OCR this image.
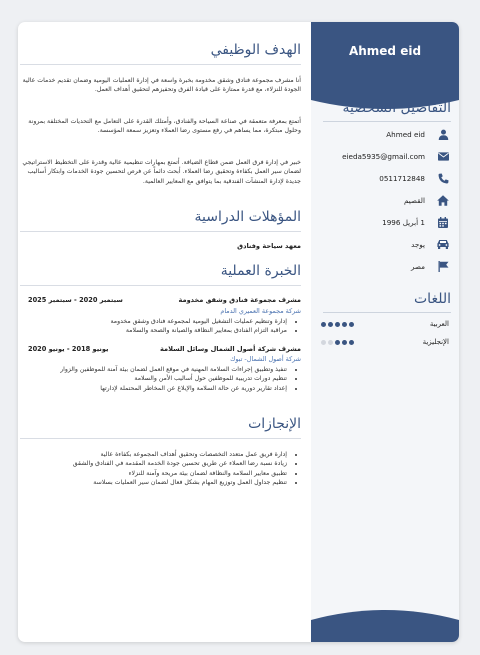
الهدف الوظيفي
أنا مشرف مجموعة فنادق وشقق مخدومة بخبرة واسعة في إدارة العمليات اليومية وضمان تقديم خدمات عالية الجودة للنزلاء، مع قدرة ممتازة على قيادة الفرق وتحفيزهم لتحقيق أهداف العمل.
أتمتع بمعرفة متعمقة في صناعة السياحة والفنادق، وأمتلك القدرة على التعامل مع التحديات المختلفة بمرونة وحلول مبتكرة، مما يساهم في رفع مستوى رضا العملاء وتعزيز سمعة المؤسسة.
خبير في إدارة فرق العمل ضمن قطاع الضيافة. أتمتع بمهارات تنظيمية عالية وقدرة على التخطيط الاستراتيجي لضمان سير العمل بكفاءة وتحقيق رضا العملاء. أبحث دائماً عن فرص لتحسين جودة الخدمات وابتكار أساليب جديدة لإدارة المنشآت الفندقية بما يتوافق مع المعايير العالمية.
المؤهلات الدراسية
معهد سياحة وفنادق
الخبرة العملية
مشرف مجموعة فنادق وشقق مخدومة
سبتمبر 2020 - سبتمبر 2025
شركة مجموعة العميري الدمام
• إدارة وتنظيم عمليات التشغيل اليومية لمجموعة فنادق وشقق مخدومة
• مراقبة التزام الفنادق بمعايير النظافة والصيانة والصحة والسلامة
مشرف شركة أصول الشمال وسائل السلامة
يونيو 2018 - يونيو 2020
شركة أصول الشمال- تبوك
• تنفيذ وتطبيق إجراءات السلامة المهنية في موقع العمل لضمان بيئة آمنة للموظفين والزوار
• تنظيم دورات تدريبية للموظفين حول أساليب الأمن والسلامة
• إعداد تقارير دورية عن حالة السلامة والإبلاغ عن المخاطر المحتملة لإدارتها
الإنجازات
• إدارة فريق عمل متعدد التخصصات وتحقيق أهداف المجموعة بكفاءة عالية
• زيادة نسبة رضا العملاء عن طريق تحسين جودة الخدمة المقدمة في الفنادق والشقق
• تطبيق معايير السلامة والنظافة لضمان بيئة مريحة وآمنة للنزلاء
• تنظيم جداول العمل وتوزيع المهام بشكل فعال لضمان سير العمليات بسلاسة
Ahmed eid
التفاصيل الشخصية
Ahmed eid
eieda5935@gmail.com
0511712848
القصيم
1 أبريل 1996
يوجد
مصر
اللغات
العربية
الإنجليزية
